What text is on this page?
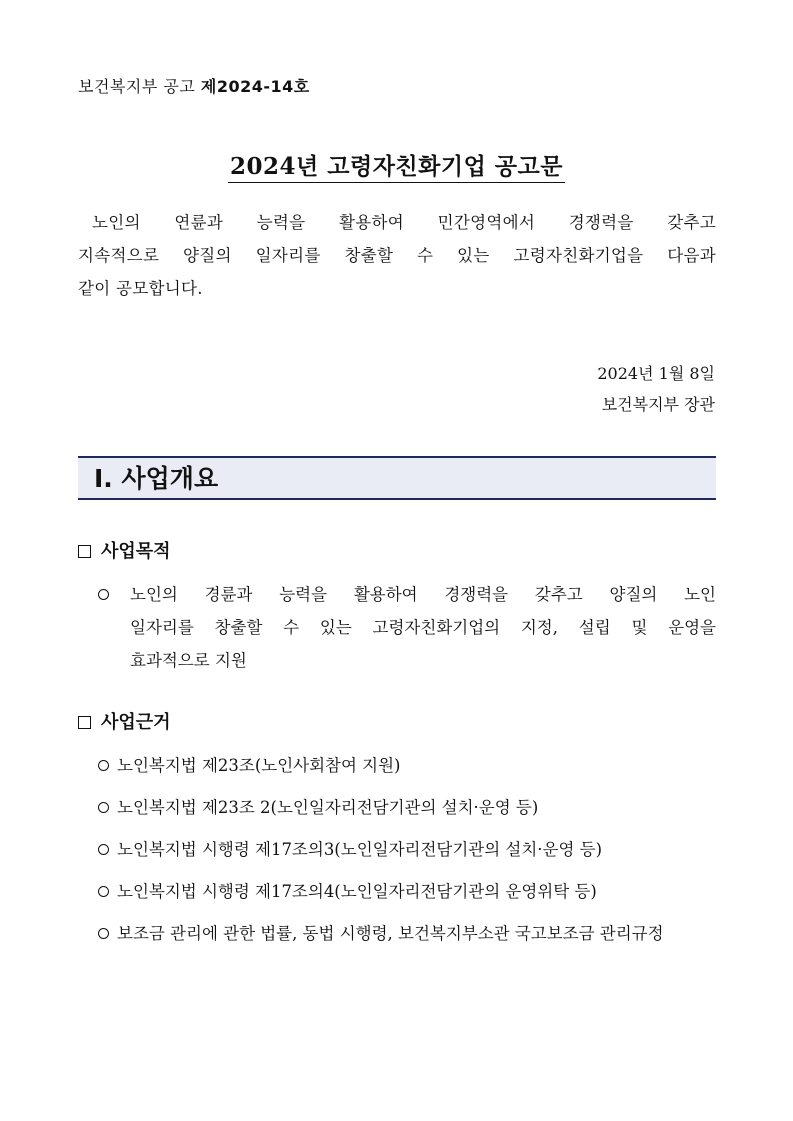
보건복지부 공고 제2024-14호
2024년 고령자친화기업 공고문
노인의 연륜과 능력을 활용하여 민간영역에서 경쟁력을 갖추고
지속적으로 양질의 일자리를 창출할 수 있는 고령자친화기업을 다음과
같이 공모합니다.
2024년 1월 8일
보건복지부 장관
Ⅰ. 사업개요
사업목적
노인의 경륜과 능력을 활용하여 경쟁력을 갖추고 양질의 노인
일자리를 창출할 수 있는 고령자친화기업의 지정, 설립 및 운영을
효과적으로 지원
사업근거
노인복지법 제23조(노인사회참여 지원)
노인복지법 제23조 2(노인일자리전담기관의 설치·운영 등)
노인복지법 시행령 제17조의3(노인일자리전담기관의 설치·운영 등)
노인복지법 시행령 제17조의4(노인일자리전담기관의 운영위탁 등)
보조금 관리에 관한 법률, 동법 시행령, 보건복지부소관 국고보조금 관리규정
